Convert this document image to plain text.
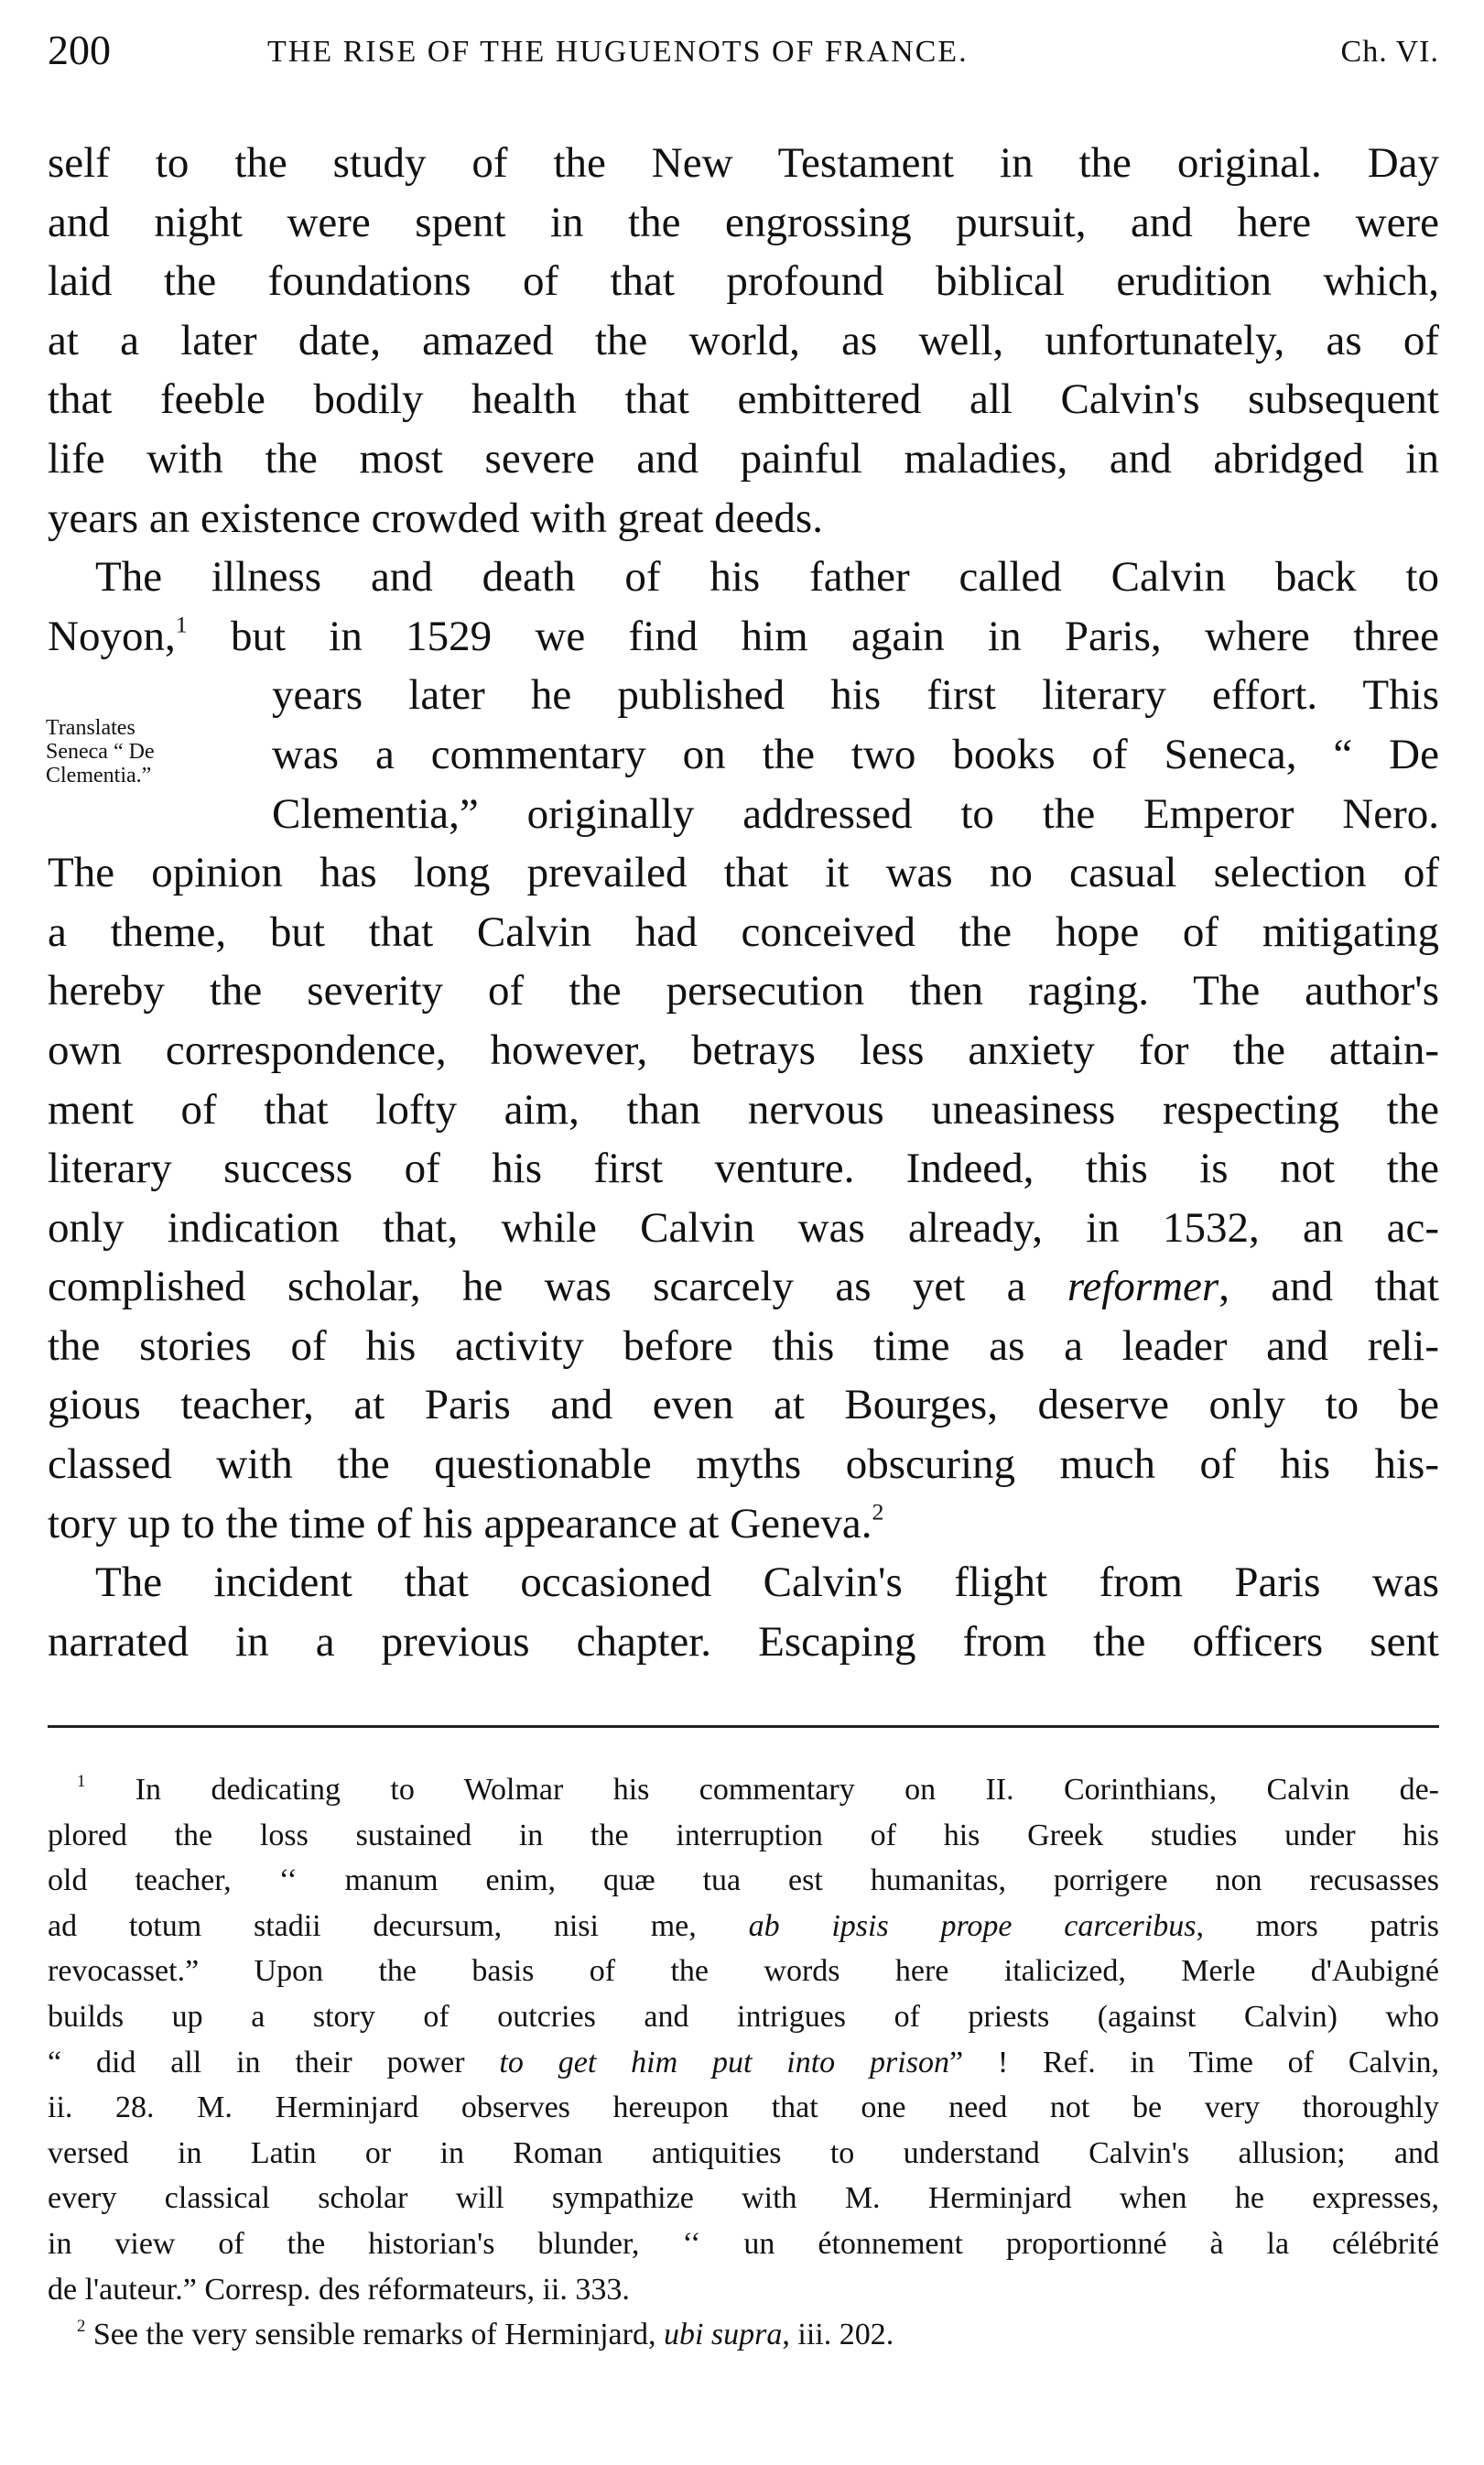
200	THE RISE OF THE HUGUENOTS OF FRANCE.	Ch. VI.
self to the study of the New Testament in the original. Day
and night were spent in the engrossing pursuit, and here were
laid the foundations of that profound biblical erudition which,
at a later date, amazed the world, as well, unfortunately, as of
that feeble bodily health that embittered all Calvin's subsequent
life with the most severe and painful maladies, and abridged in
years an existence crowded with great deeds.
The illness and death of his father called Calvin back to
Noyon,$^1$ but in 1529 we find him again in Paris, where three
years later he published his first literary effort. This
was a commentary on the two books of Seneca, “ De
Clementia,” originally addressed to the Emperor Nero.
The opinion has long prevailed that it was no casual selection of
a theme, but that Calvin had conceived the hope of mitigating
hereby the severity of the persecution then raging. The author's
own correspondence, however, betrays less anxiety for the attain-
ment of that lofty aim, than nervous uneasiness respecting the
literary success of his first venture. Indeed, this is not the
only indication that, while Calvin was already, in 1532, an ac-
complished scholar, he was scarcely as yet a reformer, and that
the stories of his activity before this time as a leader and reli-
gious teacher, at Paris and even at Bourges, deserve only to be
classed with the questionable myths obscuring much of his his-
tory up to the time of his appearance at Geneva.$^2$
The incident that occasioned Calvin's flight from Paris was
narrated in a previous chapter. Escaping from the officers sent
Translates
Seneca “ De
Clementia.”
$^1$ In dedicating to Wolmar his commentary on II. Corinthians, Calvin de-
plored the loss sustained in the interruption of his Greek studies under his
old teacher, ‘‘ manum enim, quæ tua est humanitas, porrigere non recusasses
ad totum stadii decursum, nisi me, ab ipsis prope carceribus, mors patris
revocasset.” Upon the basis of the words here italicized, Merle d'Aubigné
builds up a story of outcries and intrigues of priests (against Calvin) who
“ did all in their power to get him put into prison” ! Ref. in Time of Calvin,
ii. 28. M. Herminjard observes hereupon that one need not be very thoroughly
versed in Latin or in Roman antiquities to understand Calvin's allusion; and
every classical scholar will sympathize with M. Herminjard when he expresses,
in view of the historian's blunder, ‘‘ un étonnement proportionné à la célébrité
de l'auteur.” Corresp. des réformateurs, ii. 333.
$^2$ See the very sensible remarks of Herminjard, ubi supra, iii. 202.
